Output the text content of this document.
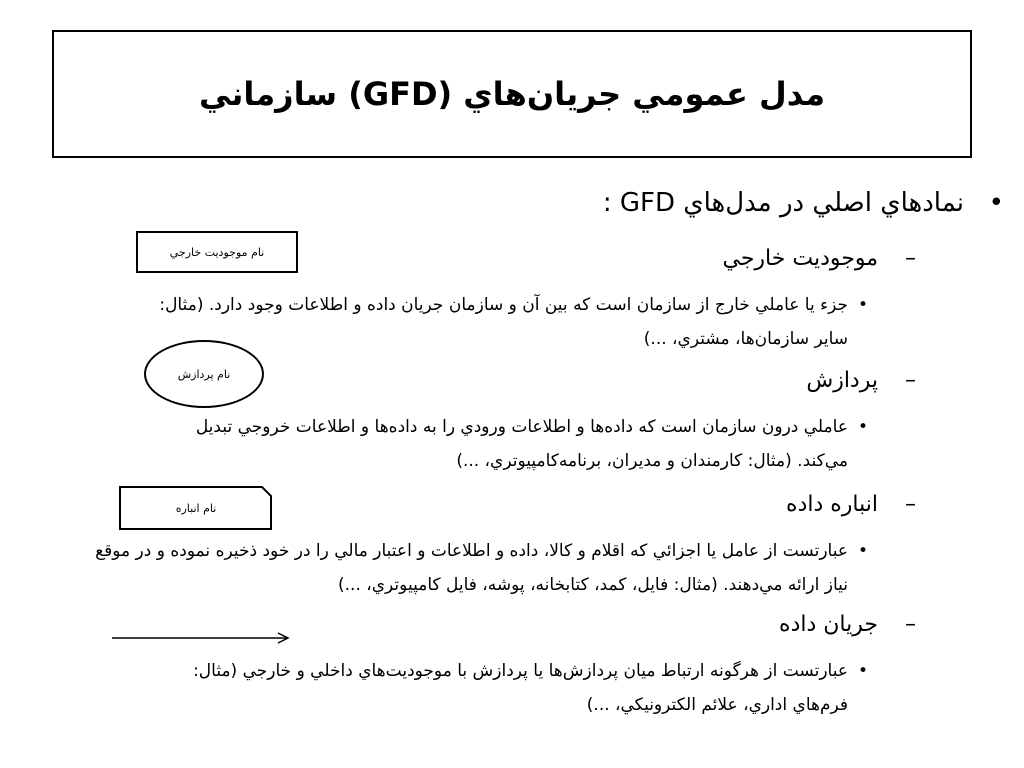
مدل عمومي جريان‌هاي (GFD) سازماني
•
نمادهاي اصلي در مدل‌هاي GFD :
نام موجوديت خارجي	–
موجوديت خارجي
•
جزء يا عاملي خارج از سازمان است كه بين آن و سازمان جريان داده و اطلاعات وجود دارد. (مثال:
ساير سازمان‌ها، مشتري، ...)
نام پردازش	–
پردازش
•
عاملي درون سازمان است كه داده‌ها و اطلاعات ورودي را به داده‌ها و اطلاعات خروجي تبديل
مي‌كند. (مثال: كارمندان و مديران، برنامه‌كامپيوتري، ...)
نام انباره	–
انباره داده
•
عبارتست از عامل يا اجزائي كه اقلام و كالا، داده و اطلاعات و اعتبار مالي را در خود ذخيره نموده و در موقع
نياز ارائه مي‌دهند. (مثال: فايل، كمد، كتابخانه، پوشه، فايل كامپيوتري، ...)
–
جريان داده
•
عبارتست از هرگونه ارتباط ميان پردازش‌ها يا پردازش با موجوديت‌هاي داخلي و خارجي (مثال:
فرم‌هاي اداري، علائم الكترونيكي، ...)
